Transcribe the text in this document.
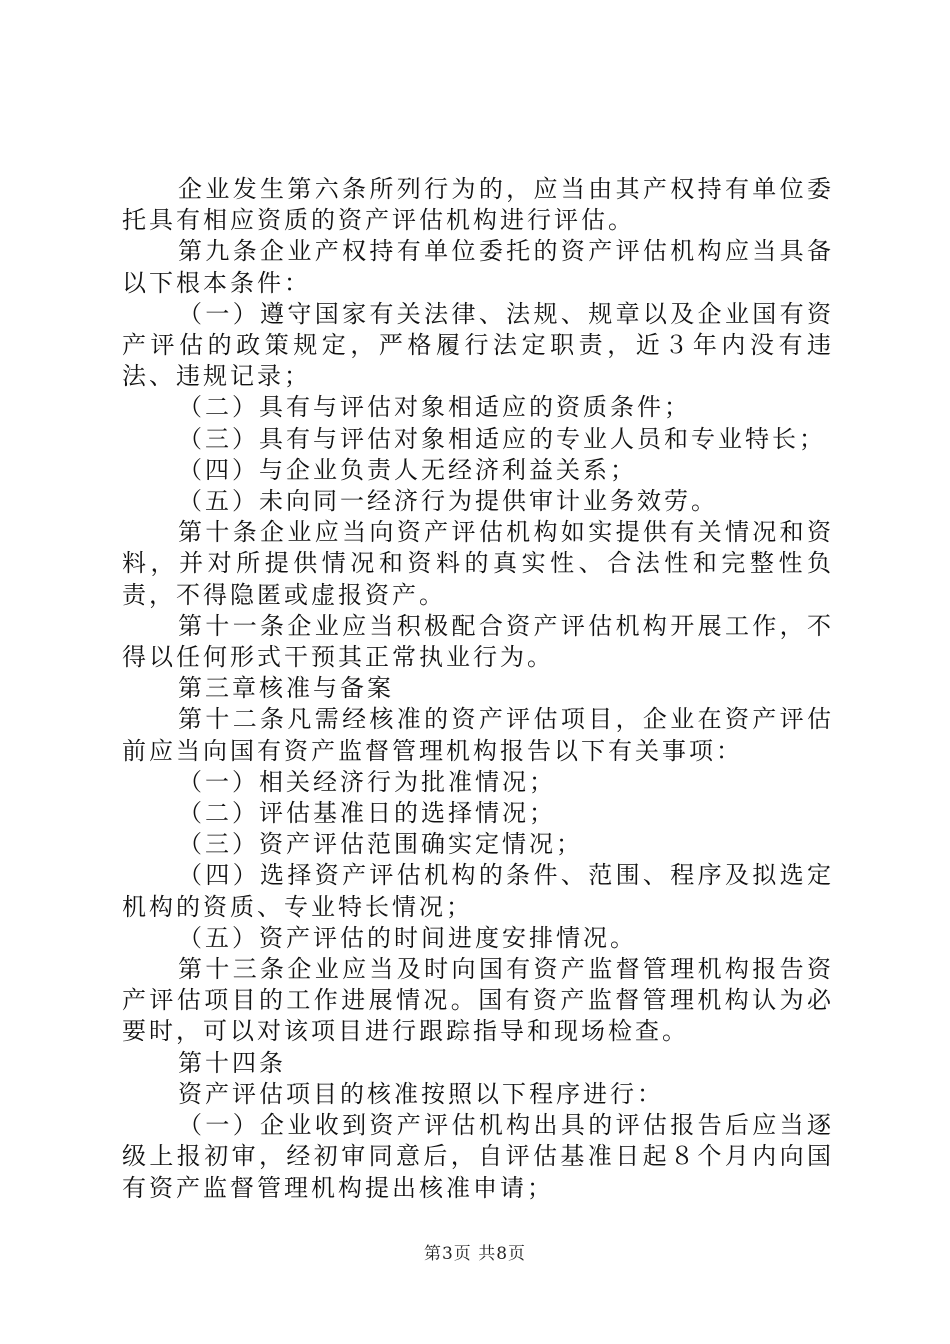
企业发生第六条所列行为的，应当由其产权持有单位委托具有相应资质的资产评估机构进行评估。

第九条企业产权持有单位委托的资产评估机构应当具备以下根本条件：

（一）遵守国家有关法律、法规、规章以及企业国有资产评估的政策规定，严格履行法定职责，近３年内没有违法、违规记录；

（二）具有与评估对象相适应的资质条件；

（三）具有与评估对象相适应的专业人员和专业特长；

（四）与企业负责人无经济利益关系；

（五）未向同一经济行为提供审计业务效劳。

第十条企业应当向资产评估机构如实提供有关情况和资料，并对所提供情况和资料的真实性、合法性和完整性负责，不得隐匿或虚报资产。

第十一条企业应当积极配合资产评估机构开展工作，不得以任何形式干预其正常执业行为。

第三章核准与备案

第十二条凡需经核准的资产评估项目，企业在资产评估前应当向国有资产监督管理机构报告以下有关事项：

（一）相关经济行为批准情况；

（二）评估基准日的选择情况；

（三）资产评估范围确实定情况；

（四）选择资产评估机构的条件、范围、程序及拟选定机构的资质、专业特长情况；

（五）资产评估的时间进度安排情况。

第十三条企业应当及时向国有资产监督管理机构报告资产评估项目的工作进展情况。国有资产监督管理机构认为必要时，可以对该项目进行跟踪指导和现场检查。

第十四条

资产评估项目的核准按照以下程序进行：

（一）企业收到资产评估机构出具的评估报告后应当逐级上报初审，经初审同意后，自评估基准日起８个月内向国有资产监督管理机构提出核准申请；

第3页 共8页
